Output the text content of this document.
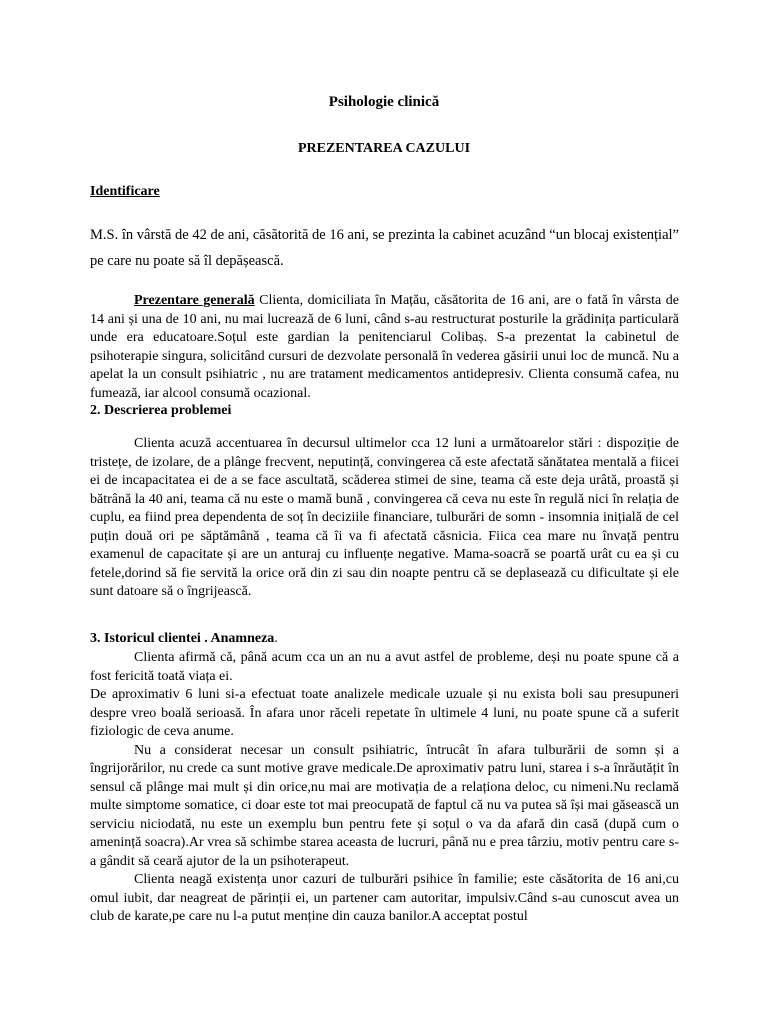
Psihologie clinică
PREZENTAREA CAZULUI
Identificare

M.S. în vârstă de 42 de ani, căsătorită de 16 ani, se prezinta la cabinet acuzând “un blocaj existențial” pe care nu poate să îl depășească.

Prezentare generală Clienta, domiciliata în Mațău, căsătorita de 16 ani, are o fată în vârsta de 14 ani și una de 10 ani, nu mai lucrează de 6 luni, când s-au restructurat posturile la grădinița particulară unde era educatoare.Soțul este gardian la penitenciarul Colibaș. S-a prezentat la cabinetul de psihoterapie singura, solicitând cursuri de dezvolate personală în vederea găsirii unui loc de muncă. Nu a apelat la un consult psihiatric , nu are tratament medicamentos antidepresiv. Clienta consumă cafea, nu fumează, iar alcool consumă ocazional.

2. Descrierea problemei

Clienta acuză accentuarea în decursul ultimelor cca 12 luni a următoarelor stări : dispoziție de tristețe, de izolare, de a plânge frecvent, neputință, convingerea că este afectată sănătatea mentală a fiicei ei de incapacitatea ei de a se face ascultată, scăderea stimei de sine, teama că este deja urâtă, proastă și bătrână la 40 ani, teama că nu este o mamă bună , convingerea că ceva nu este în regulă nici în relația de cuplu, ea fiind prea dependenta de soț în deciziile financiare, tulburări de somn - insomnia inițială de cel puțin două ori pe săptămână , teama că îi va fi afectată căsnicia. Fiica cea mare nu învață pentru examenul de capacitate și are un anturaj cu influențe negative. Mama-soacră se poartă urât cu ea și cu fetele,dorind să fie servită la orice oră din zi sau din noapte pentru că se deplasează cu dificultate și ele sunt datoare să o îngrijească.

3. Istoricul clientei . Anamneza.

Clienta afirmă că, până acum cca un an nu a avut astfel de probleme, deși nu poate spune că a fost fericită toată viața ei.

De aproximativ 6 luni si-a efectuat toate analizele medicale uzuale și nu exista boli sau presupuneri despre vreo boală serioasă. În afara unor răceli repetate în ultimele 4 luni, nu poate spune că a suferit fiziologic de ceva anume.

Nu a considerat necesar un consult psihiatric, întrucât în afara tulburării de somn și a îngrijorărilor, nu crede ca sunt motive grave medicale.De aproximativ patru luni, starea i s-a înrăutățit în sensul că plânge mai mult și din orice,nu mai are motivația de a relaționa deloc, cu nimeni.Nu reclamă multe simptome somatice, ci doar este tot mai preocupată de faptul că nu va putea să își mai găsească un serviciu niciodată, nu este un exemplu bun pentru fete și soțul o va da afară din casă (după cum o amenință soacra).Ar vrea să schimbe starea aceasta de lucruri, până nu e prea târziu, motiv pentru care s-a gândit să ceară ajutor de la un psihoterapeut.

Clienta neagă existența unor cazuri de tulburări psihice în familie; este căsătorita de 16 ani,cu omul iubit, dar neagreat de părinții ei, un partener cam autoritar, impulsiv.Când s-au cunoscut avea un club de karate,pe care nu l-a putut menține din cauza banilor.A acceptat postul
